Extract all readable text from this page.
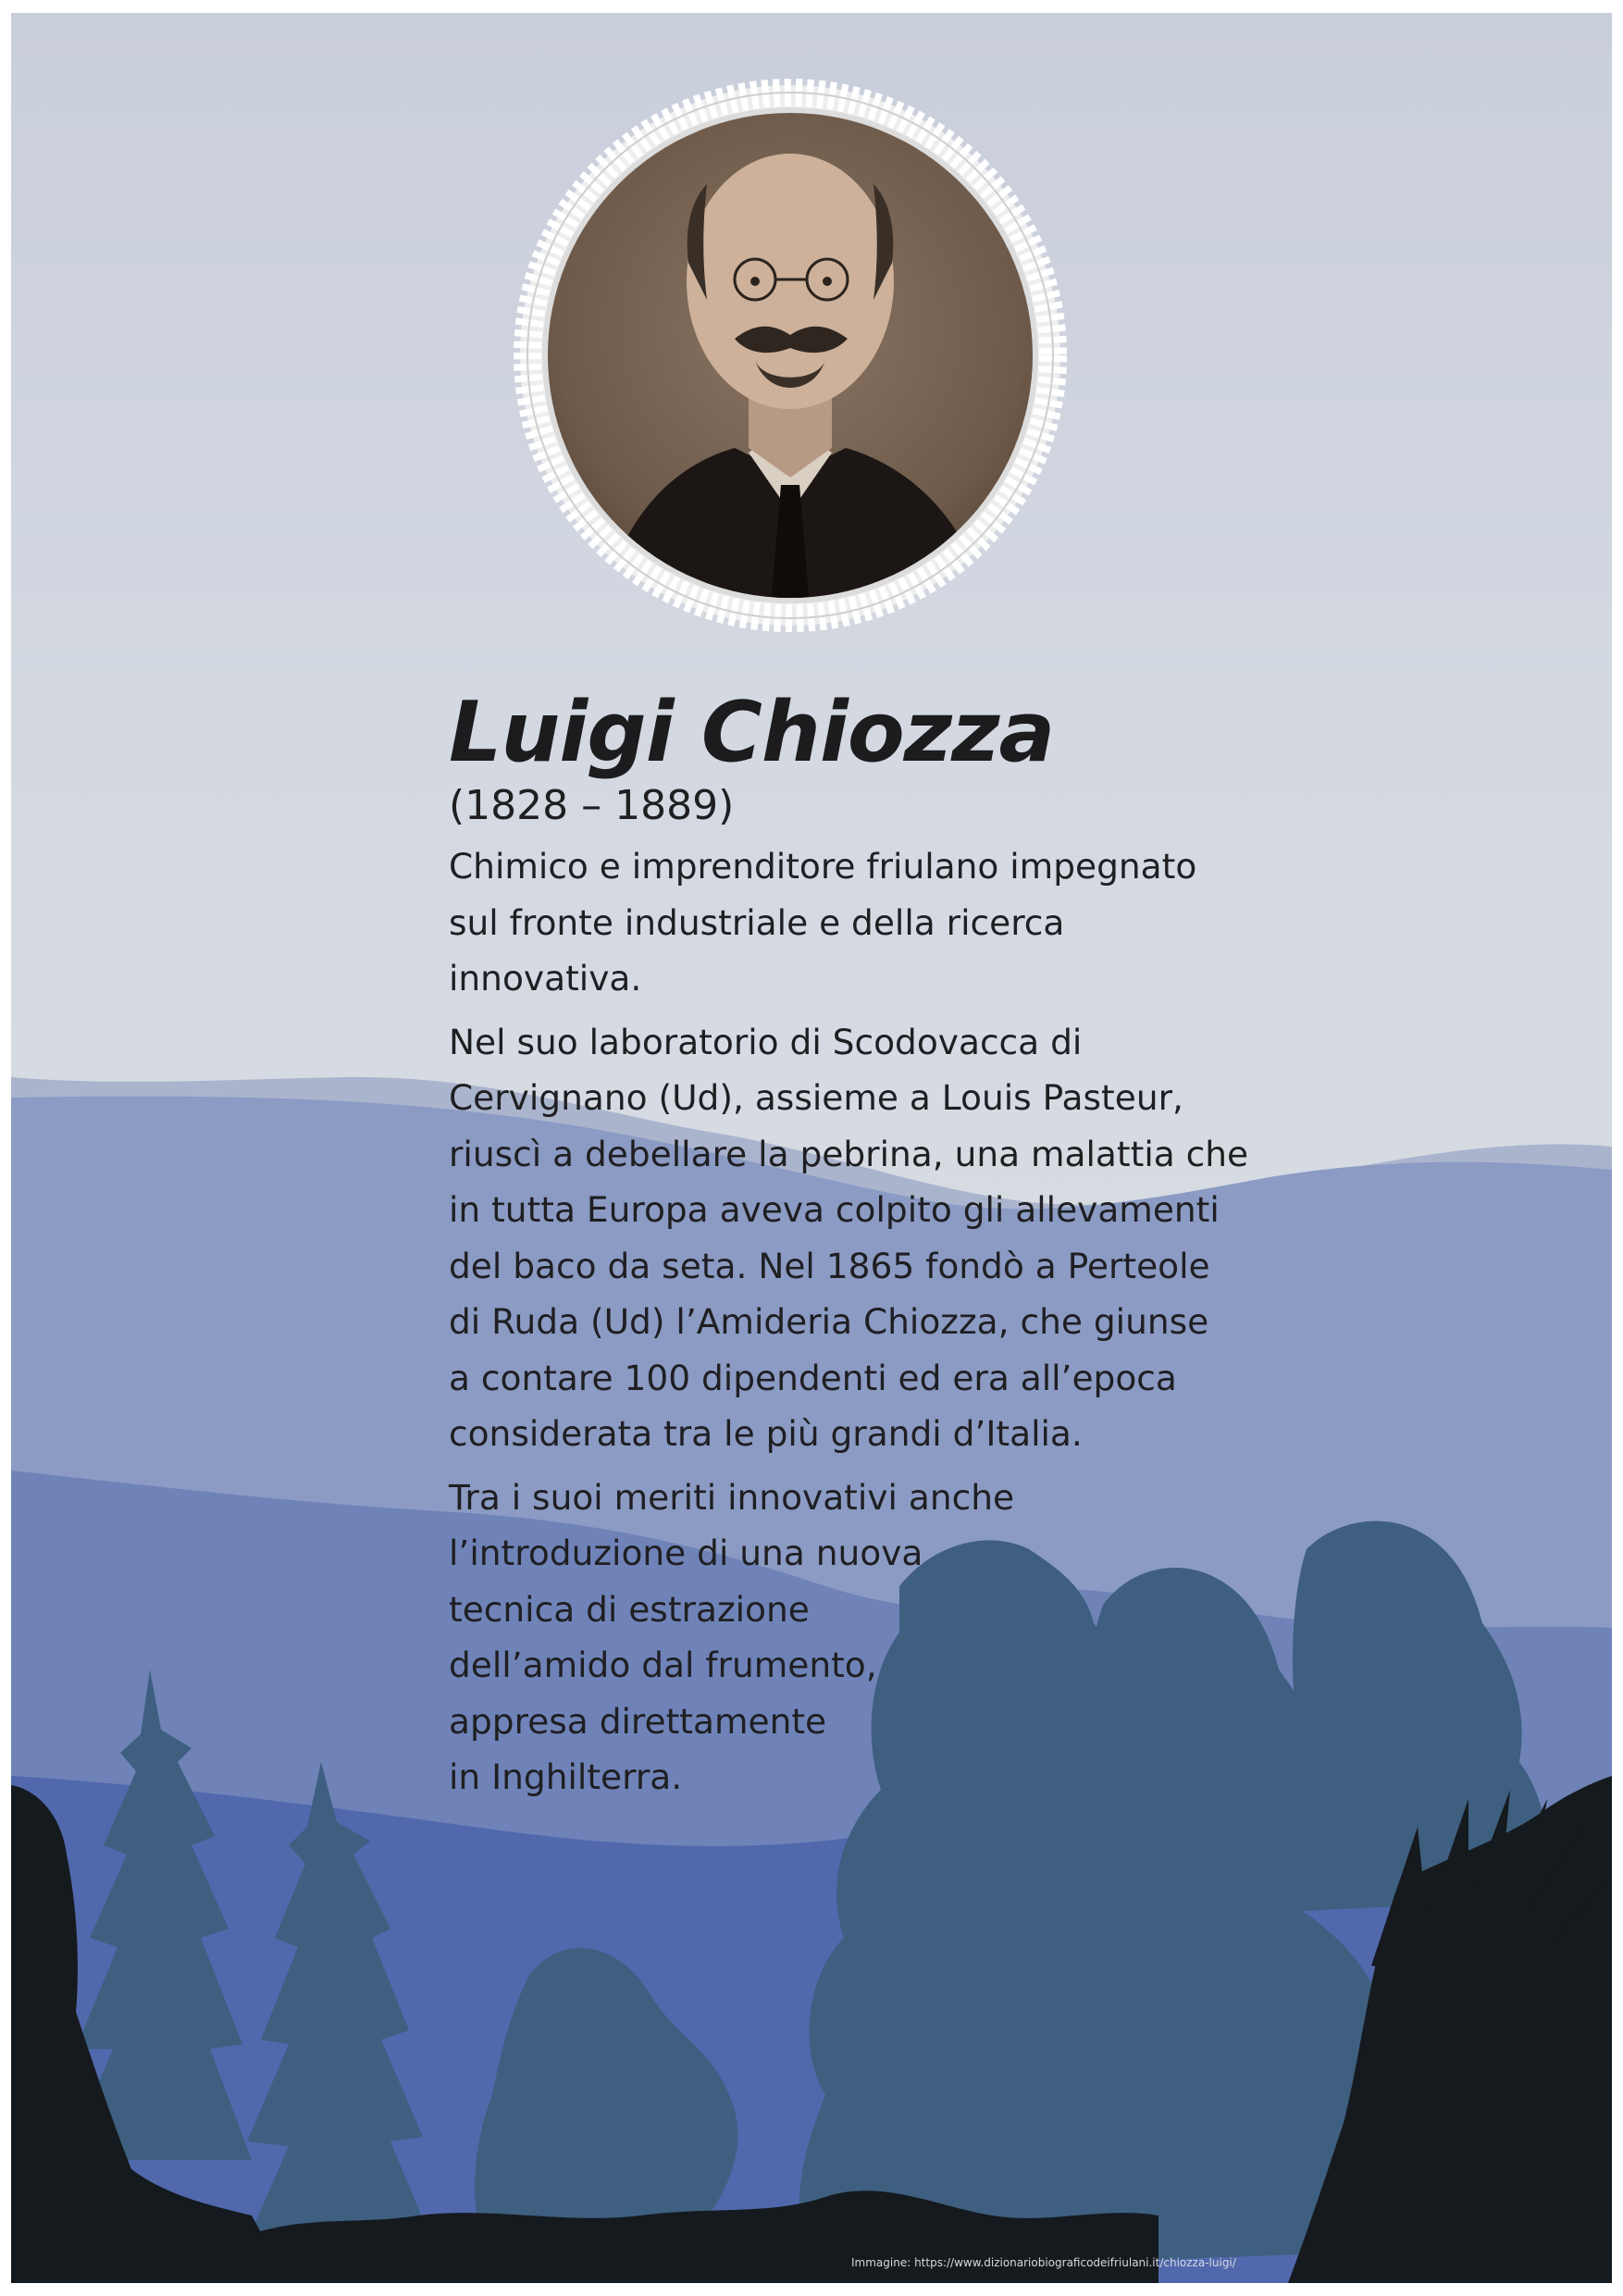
Luigi Chiozza
(1828 – 1889)

Chimico e imprenditore friulano impegnato
sul fronte industriale e della ricerca
innovativa.

Nel suo laboratorio di Scodovacca di
Cervignano (Ud), assieme a Louis Pasteur,
riuscì a debellare la pebrina, una malattia che
in tutta Europa aveva colpito gli allevamenti
del baco da seta. Nel 1865 fondò a Perteole
di Ruda (Ud) l’Amideria Chiozza, che giunse
a contare 100 dipendenti ed era all’epoca
considerata tra le più grandi d’Italia.

Tra i suoi meriti innovativi anche
l’introduzione di una nuova
tecnica di estrazione
dell’amido dal frumento,
appresa direttamente
in Inghilterra.

Immagine: https://www.dizionariobiograficodeifriulani.it/chiozza-luigi/
